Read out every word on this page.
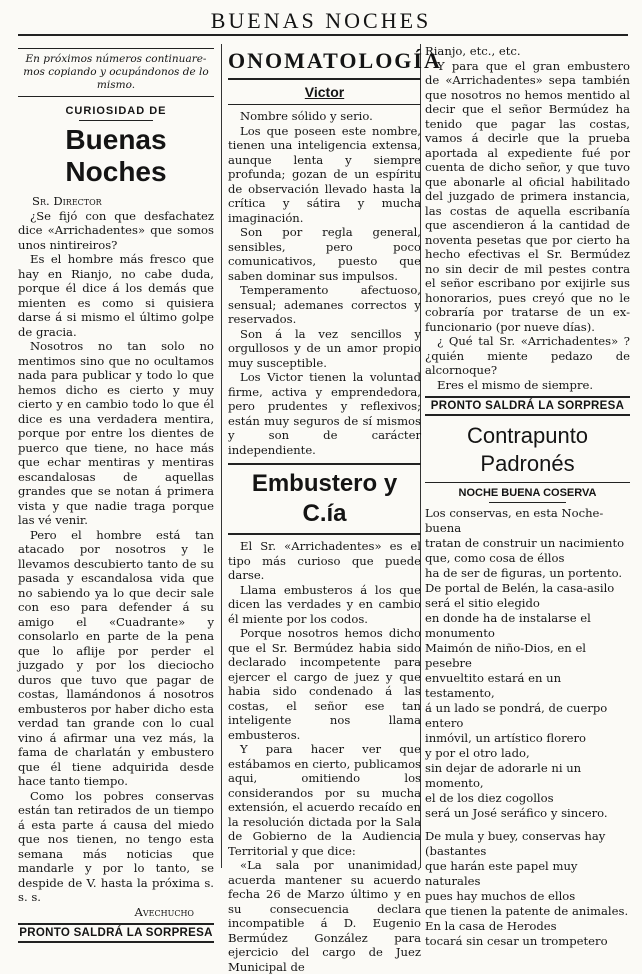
BUENAS NOCHES

En próximos números continuare- mos copiando y ocupándonos de lo mismo.

CURIOSIDAD DE
Buenas Noches

Sr. Director

¿Se fijó con que desfachatez dice «Arrichadentes» que somos unos nintireiros?

Es el hombre más fresco que hay en Rianjo, no cabe duda, porque él dice á los demás que mienten es como si quisiera darse á si mismo el último golpe de gracia.

Nosotros no tan solo no mentimos sino que no ocultamos nada para publicar y todo lo que hemos dicho es cierto y muy cierto y en cambio todo lo que él dice es una verdadera mentira, porque por entre los dientes de puerco que tiene, no hace más que echar mentiras y mentiras escandalosas de aquellas grandes que se notan á primera vista y que nadie traga porque las vé venir.

Pero el hombre está tan atacado por nosotros y le llevamos descubierto tanto de su pasada y escandalosa vida que no sabiendo ya lo que decir sale con eso para defender á su amigo el «Cuadrante» y consolarlo en parte de la pena que lo aflije por perder el juzgado y por los dieciocho duros que tuvo que pagar de costas, llamándonos á nosotros embusteros por haber dicho esta verdad tan grande con lo cual vino á afirmar una vez más, la fama de charlatán y embustero que él tiene adquirida desde hace tanto tiempo.

Como los pobres conservas están tan retirados de un tiempo á esta parte á causa del miedo que nos tienen, no tengo esta semana más noticias que mandarle y por lo tanto, se despide de V. hasta la próxima s. s. s.

Avechucho

PRONTO SALDRÁ LA SORPRESA
ONOMATOLOGÍA
Victor

Nombre sólido y serio.

Los que poseen este nombre, tienen una inteligencia extensa, aunque lenta y siempre profunda; gozan de un espíritu de observación llevado hasta la crítica y sátira y mucha imaginación.

Son por regla general, sensibles, pero poco comunicativos, puesto que saben dominar sus impulsos.

Temperamento afectuoso, sensual; ademanes correctos y reservados.

Son á la vez sencillos y orgullosos y de un amor propio muy susceptible.

Los Victor tienen la voluntad firme, activa y emprendedora, pero prudentes y reflexivos; están muy seguros de sí mismos y son de carácter independiente.

Embustero y C.ía

El Sr. «Arrichadentes» es el tipo más curioso que puede darse.

Llama embusteros á los que dicen las verdades y en cambio él miente por los codos.

Porque nosotros hemos dicho que el Sr. Bermúdez habia sido declarado incompetente para ejercer el cargo de juez y que habia sido condenado á las costas, el señor ese tan inteligente nos llama embusteros.

Y para hacer ver que estábamos en cierto, publicamos aqui, omitiendo los considerandos por su mucha extensión, el acuerdo recaído en la resolución dictada por la Sala de Gobierno de la Audiencia Territorial y que dice:

«La sala por unanimidad, acuerda mantener su acuerdo fecha 26 de Marzo último y en su consecuencia declara incompatible á D. Eugenio Bermúdez González para ejercicio del cargo de Juez Municipal de

Rianjo, etc., etc.

Y para que el gran embustero de «Arrichadentes» sepa también que nosotros no hemos mentido al decir que el señor Bermúdez ha tenido que pagar las costas, vamos á decirle que la prueba aportada al expediente fué por cuenta de dicho señor, y que tuvo que abonarle al oficial habilitado del juzgado de primera instancia, las costas de aquella escribanía que ascendieron á la cantidad de noventa pesetas que por cierto ha hecho efectivas el Sr. Bermúdez no sin decir de mil pestes contra el señor escribano por exijirle sus honorarios, pues creyó que no le cobraría por tratarse de un ex-funcionario (por nueve días).

¿ Qué tal Sr. «Arrichadentes» ? ¿quién miente pedazo de alcornoque?

Eres el mismo de siempre.

PRONTO SALDRÁ LA SORPRESA
Contrapunto Padronés
NOCHE BUENA COSERVA

Los conservas, en esta Noche-buena

tratan de construir un nacimiento

que, como cosa de éllos

ha de ser de figuras, un portento.

De portal de Belén, la casa-asilo

será el sitio elegido

en donde ha de instalarse el monumento

Maimón de niño-Dios, en el pesebre

envueltito estará en un testamento,

á un lado se pondrá, de cuerpo entero

inmóvil, un artístico florero

y por el otro lado,

sin dejar de adorarle ni un momento,

el de los diez cogollos

será un José seráfico y sincero.

De mula y buey, conservas hay (bastantes

que harán este papel muy naturales

pues hay muchos de ellos

que tienen la patente de animales.

En la casa de Herodes

tocará sin cesar un trompetero
